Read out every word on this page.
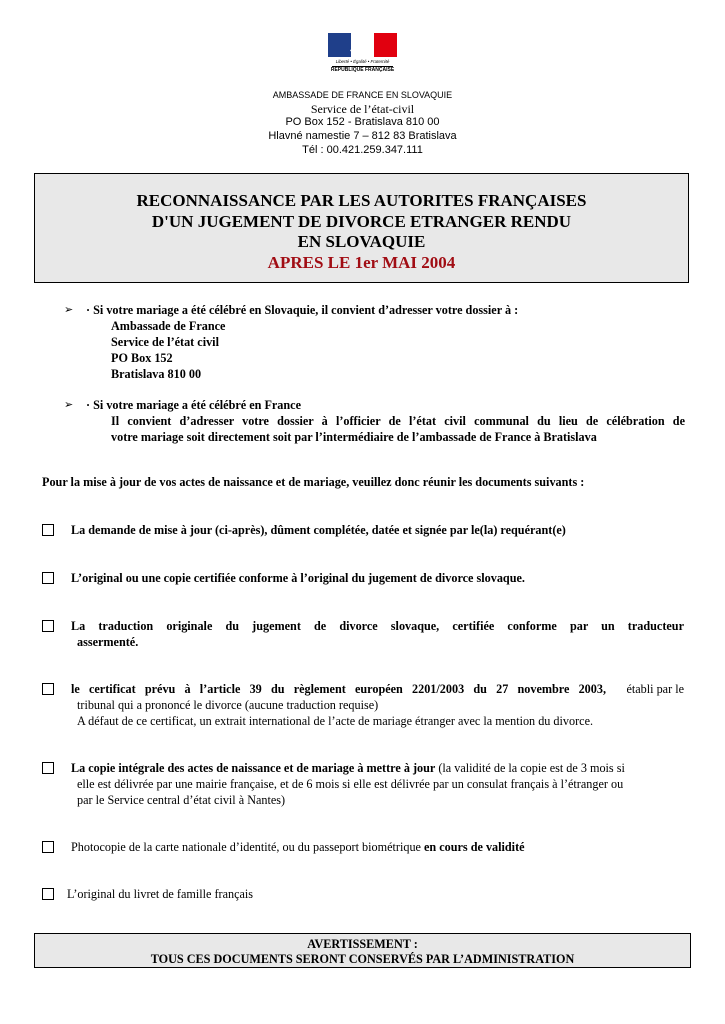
Liberté • Égalité • Fraternité
RÉPUBLIQUE FRANÇAISE
AMBASSADE DE FRANCE EN SLOVAQUIE
Service de l’état-civil
PO Box 152 - Bratislava 810 00
Hlavné namestie 7 – 812 83 Bratislava
Tél : 00.421.259.347.111
RECONNAISSANCE PAR LES AUTORITES FRANÇAISES
D'UN JUGEMENT DE DIVORCE ETRANGER RENDU
EN SLOVAQUIE
APRES LE 1er MAI 2004
➢ · Si votre mariage a été célébré en Slovaquie, il convient d’adresser votre dossier à :
Ambassade de France
Service de l’état civil
PO Box 152
Bratislava 810 00
➢ · Si votre mariage a été célébré en France
Il convient d’adresser votre dossier à l’officier de l’état civil communal du lieu de célébration de
votre mariage soit directement soit par l’intermédiaire de l’ambassade de France à Bratislava
Pour la mise à jour de vos actes de naissance et de mariage, veuillez donc réunir les documents suivants :
La demande de mise à jour (ci-après), dûment complétée, datée et signée par le(la) requérant(e)
L’original ou une copie certifiée conforme à l’original du jugement de divorce slovaque.
La traduction originale du jugement de divorce slovaque, certifiée conforme par un traducteur
assermenté.
le certificat prévu à l’article 39 du règlement européen 2201/2003 du 27 novembre 2003, établi par le
tribunal qui a prononcé le divorce (aucune traduction requise)
A défaut de ce certificat, un extrait international de l’acte de mariage étranger avec la mention du divorce.
La copie intégrale des actes de naissance et de mariage à mettre à jour (la validité de la copie est de 3 mois si
elle est délivrée par une mairie française, et de 6 mois si elle est délivrée par un consulat français à l’étranger ou
par le Service central d’état civil à Nantes)
Photocopie de la carte nationale d’identité, ou du passeport biométrique en cours de validité
L’original du livret de famille français
AVERTISSEMENT :
TOUS CES DOCUMENTS SERONT CONSERVÉS PAR L’ADMINISTRATION
